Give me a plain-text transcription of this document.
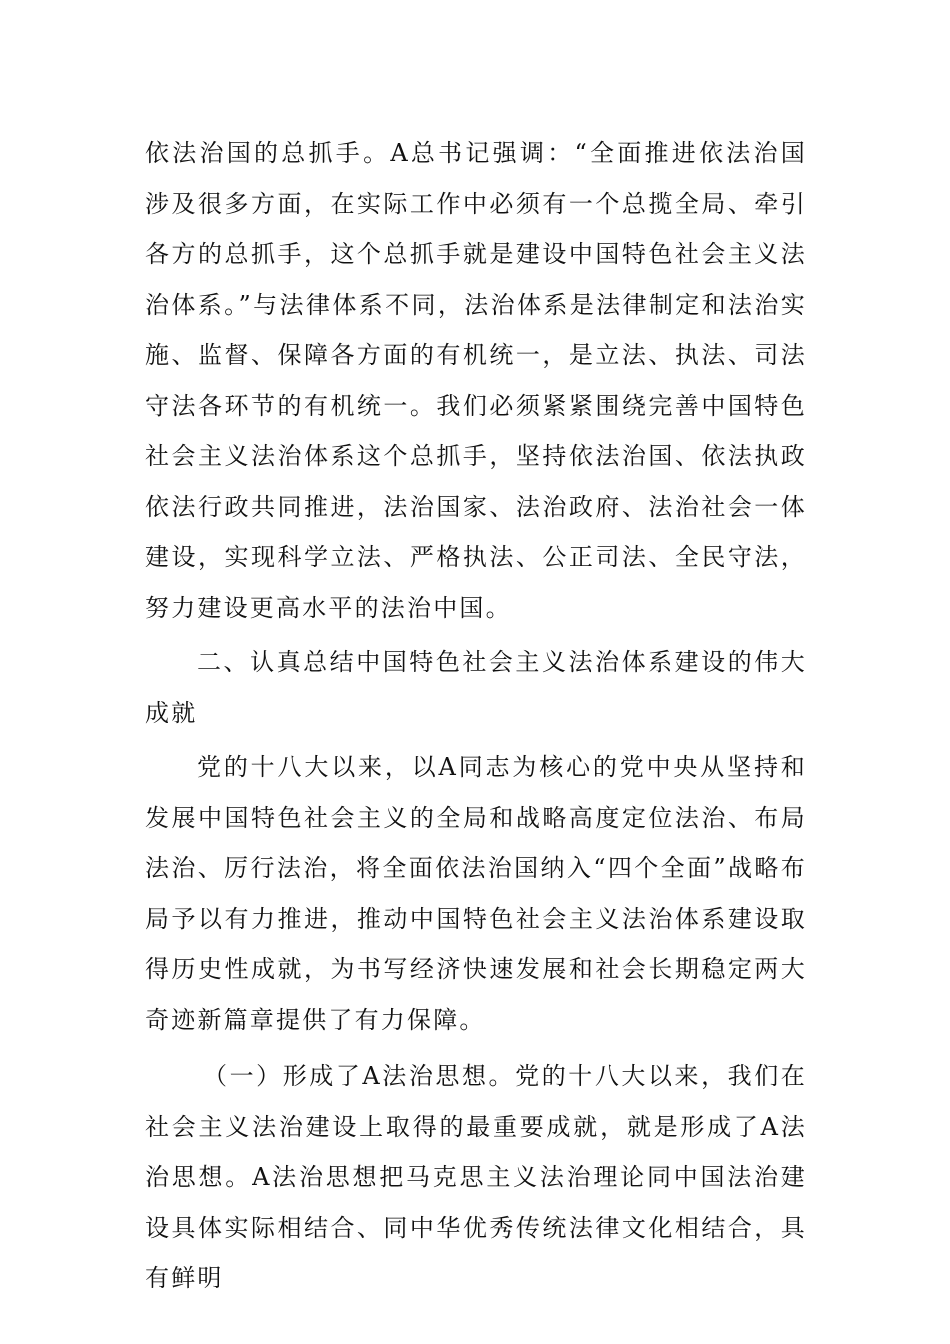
依法治国的总抓手。A总书记强调：“全面推进依法治国涉及很多方面，在实际工作中必须有一个总揽全局、牵引各方的总抓手，这个总抓手就是建设中国特色社会主义法治体系。”与法律体系不同，法治体系是法律制定和法治实施、监督、保障各方面的有机统一，是立法、执法、司法守法各环节的有机统一。我们必须紧紧围绕完善中国特色社会主义法治体系这个总抓手，坚持依法治国、依法执政依法行政共同推进，法治国家、法治政府、法治社会一体建设，实现科学立法、严格执法、公正司法、全民守法，努力建设更高水平的法治中国。

二、认真总结中国特色社会主义法治体系建设的伟大成就

党的十八大以来，以A同志为核心的党中央从坚持和发展中国特色社会主义的全局和战略高度定位法治、布局法治、厉行法治，将全面依法治国纳入“四个全面”战略布局予以有力推进，推动中国特色社会主义法治体系建设取得历史性成就，为书写经济快速发展和社会长期稳定两大奇迹新篇章提供了有力保障。

（一）形成了A法治思想。党的十八大以来，我们在社会主义法治建设上取得的最重要成就，就是形成了A法治思想。A法治思想把马克思主义法治理论同中国法治建设具体实际相结合、同中华优秀传统法律文化相结合，具有鲜明
